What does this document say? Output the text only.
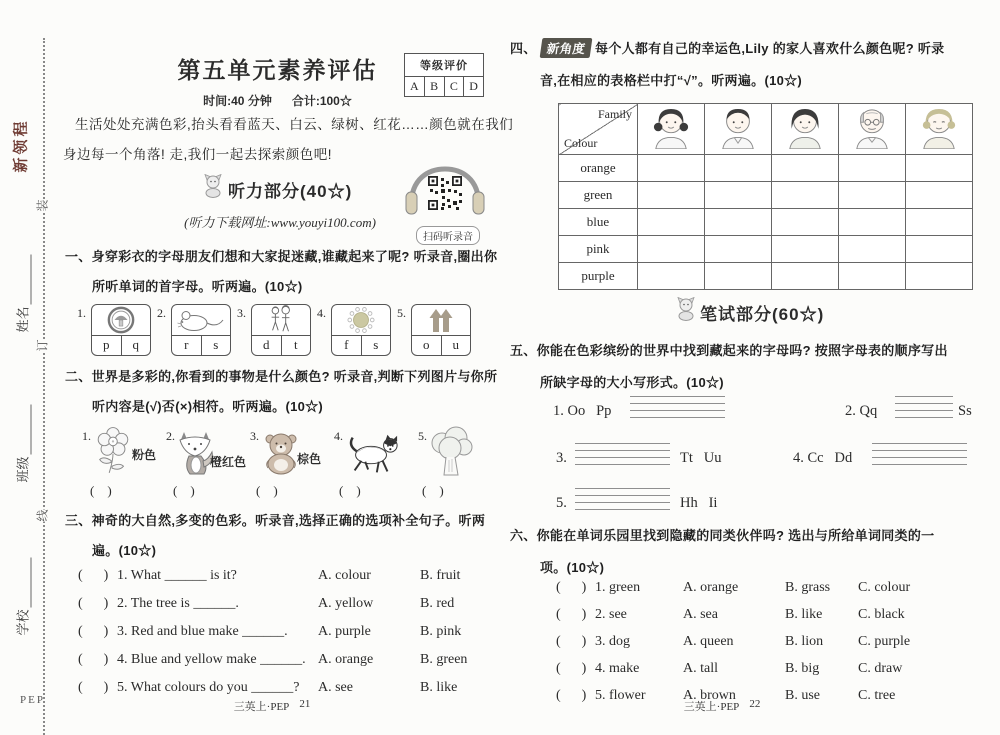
新领程
装
订
线
姓名
班级
学校
PEP
第五单元素养评估
时间:40 分钟      合计:100☆
等级评价
A B C D
生活处处充满色彩,抬头看看蓝天、白云、绿树、红花……颜色就在我们
身边每一个角落! 走,我们一起去探索颜色吧!
听力部分(40☆)
(听力下载网址:www.youyi100.com)
扫码听录音
一、身穿彩衣的字母朋友们想和大家捉迷藏,谁藏起来了呢? 听录音,圈出你
所听单词的首字母。听两遍。(10☆)
1.
p	q
2.
r	s
3.
d	t
4.
f	s
5.
o	u
二、世界是多彩的,你看到的事物是什么颜色? 听录音,判断下列图片与你所
听内容是(√)否(×)相符。听两遍。(10☆)
1.
粉色
2.
橙红色
3.
棕色
4.	5.
(    )	(    )	(    )	(    )	(    )
三、神奇的大自然,多变的色彩。听录音,选择正确的选项补全句子。听两
遍。(10☆)
(      ) 1. What ______ is it?	A. colour	B. fruit
(      ) 2. The tree is ______.	A. yellow	B. red
(      ) 3. Red and blue make ______. A. purple	B. pink
(      ) 4. Blue and yellow make ______. A. orange	B. green
(      ) 5. What colours do you ______? A. see	B. like
三英上·PEP 21
四、 新角度 每个人都有自己的幸运色,Lily 的家人喜欢什么颜色呢? 听录
音,在相应的表格栏中打“√”。听两遍。(10☆)
Family
Colour

orange					
green					
blue					
pink					
purple					
笔试部分(60☆)
五、你能在色彩缤纷的世界中找到藏起来的字母吗? 按照字母表的顺序写出
所缺字母的大小写形式。(10☆)
1. Oo   Pp	2. Qq	Ss
3.	Tt   Uu	4. Cc   Dd
5.	Hh   Ii
六、你能在单词乐园里找到隐藏的同类伙伴吗? 选出与所给单词同类的一
项。(10☆)
(      ) 1. green	A. orange	B. grass C. colour
(      ) 2. see	A. sea	B. like	C. black
(      ) 3. dog	A. queen	B. lion C. purple
(      ) 4. make	A. tall	B. big	C. draw
(      ) 5. flower	A. brown	B. use	C. tree
三英上·PEP 22
